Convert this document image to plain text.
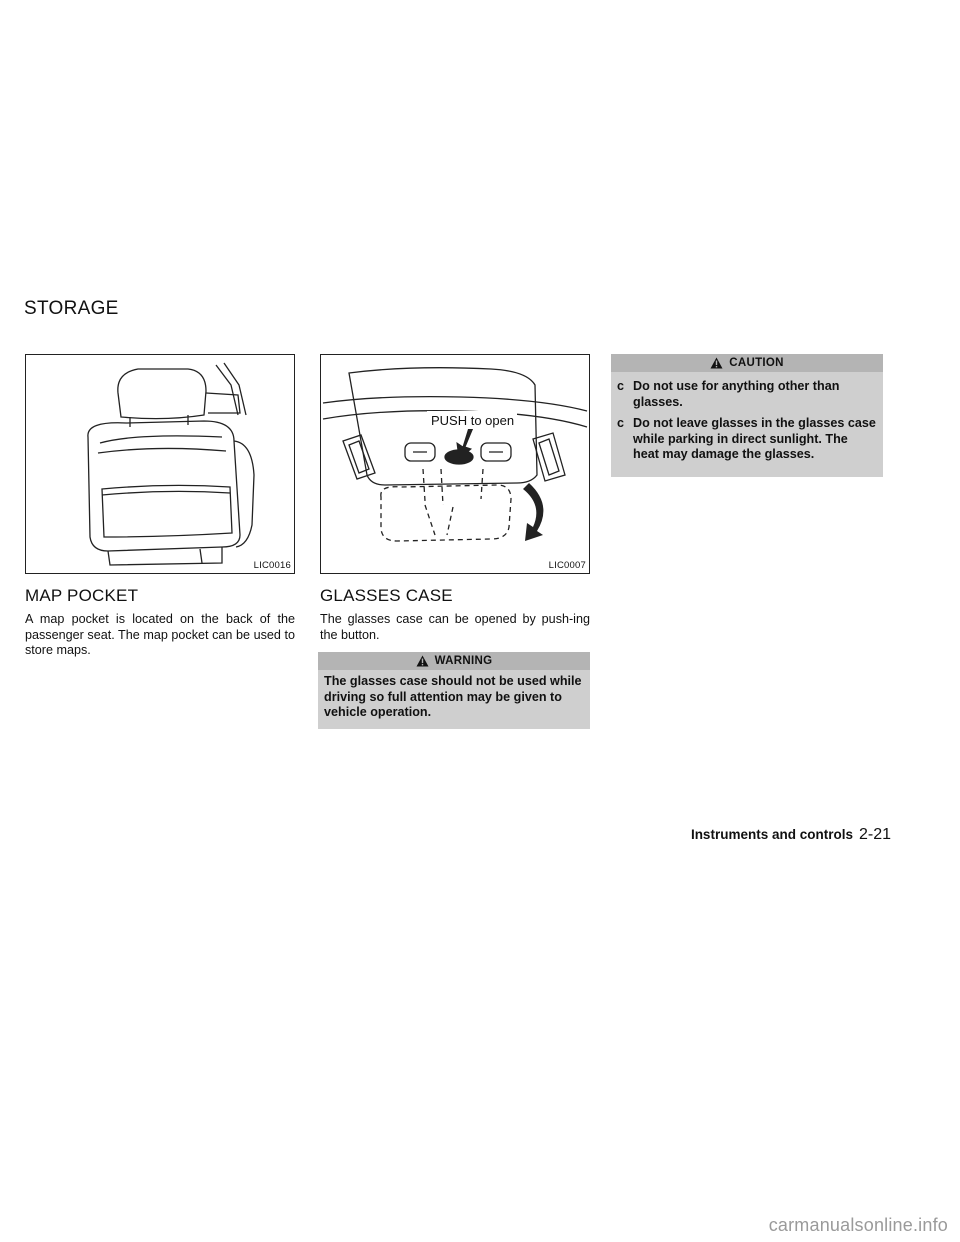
STORAGE
LIC0016
MAP POCKET

A map pocket is located on the back of the passenger seat. The map pocket can be used to store maps.

PUSH to open
LIC0007
GLASSES CASE

The glasses case can be opened by push-ing the button.

WARNING
The glasses case should not be used while driving so full attention may be given to vehicle operation.
CAUTION
c Do not use for anything other than glasses.
c Do not leave glasses in the glasses case while parking in direct sunlight. The heat may damage the glasses.
Instruments and controls 2-21
carmanualsonline.info
